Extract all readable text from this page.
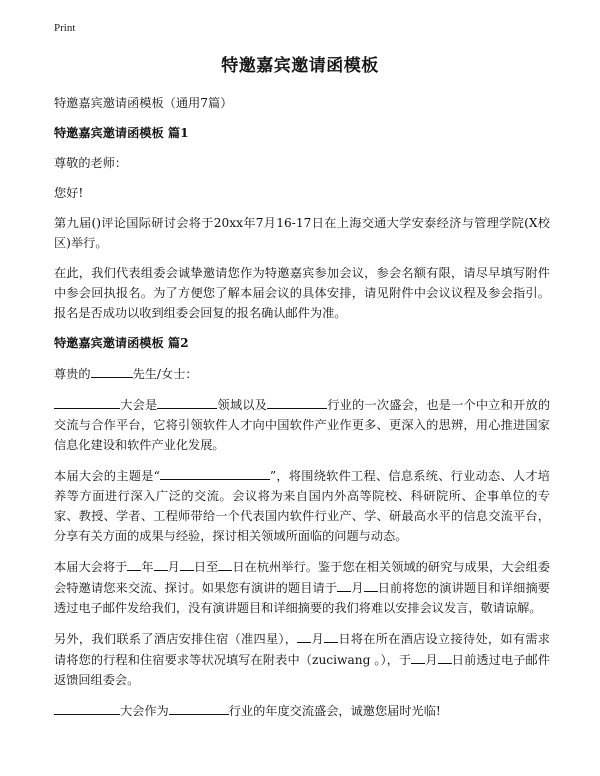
Print
特邀嘉宾邀请函模板

特邀嘉宾邀请函模板（通用7篇）

特邀嘉宾邀请函模板 篇1

尊敬的老师：

您好!

第九届()评论国际研讨会将于20xx年7月16-17日在上海交通大学安泰经济与管理学院(X校区)举行。

在此，我们代表组委会诚挚邀请您作为特邀嘉宾参加会议，参会名额有限，请尽早填写附件中参会回执报名。为了方便您了解本届会议的具体安排，请见附件中会议议程及参会指引。报名是否成功以收到组委会回复的报名确认邮件为准。

特邀嘉宾邀请函模板 篇2

尊贵的	先生/女士：

大会是	领域以及	行业的一次盛会，也是一个中立和开放的交流与合作平台，它将引领软件人才向中国软件产业作更多、更深入的思辨，用心推进国家信息化建设和软件产业化发展。

本届大会的主题是“	”，将围绕软件工程、信息系统、行业动态、人才培养等方面进行深入广泛的交流。会议将为来自国内外高等院校、科研院所、企事单位的专家、教授、学者、工程师带给一个代表国内软件行业产、学、研最高水平的信息交流平台，分享有关方面的成果与经验，探讨相关领域所面临的问题与动态。

本届大会将于 年 月 日至 日在杭州举行。鉴于您在相关领域的研究与成果，大会组委会特邀请您来交流、探讨。如果您有演讲的题目请于 月 日前将您的演讲题目和详细摘要透过电子邮件发给我们，没有演讲题目和详细摘要的我们将难以安排会议发言，敬请谅解。

另外，我们联系了酒店安排住宿（准四星）， 月 日将在所在酒店设立接待处，如有需求请将您的行程和住宿要求等状况填写在附表中（zuciwang 。），于 月 日前透过电子邮件返馈回组委会。

大会作为	行业的年度交流盛会，诚邀您届时光临!
